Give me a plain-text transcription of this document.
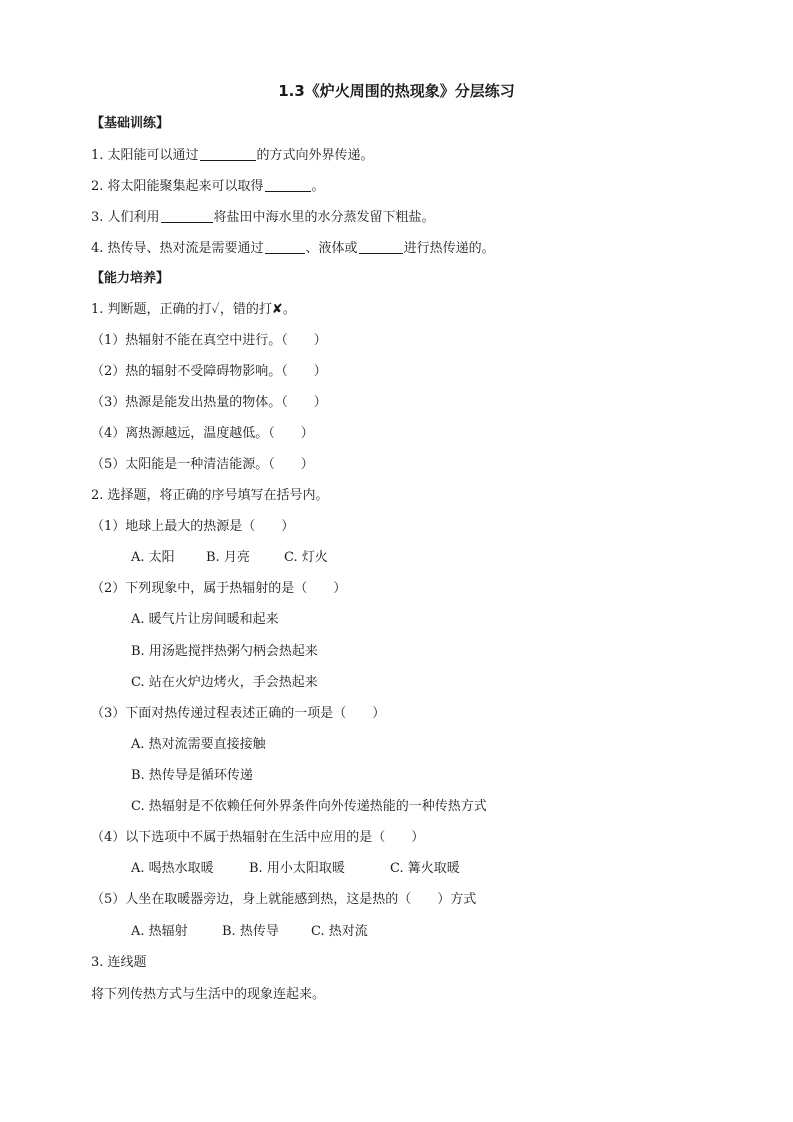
1.3《炉火周围的热现象》分层练习
【基础训练】
1. 太阳能可以通过	的方式向外界传递。
2. 将太阳能聚集起来可以取得	。
3. 人们利用	将盐田中海水里的水分蒸发留下粗盐。
4. 热传导、热对流是需要通过	、液体或	进行热传递的。
【能力培养】
1. 判断题，正确的打✓，错的打✘。
（1）热辐射不能在真空中进行。（　　）
（2）热的辐射不受障碍物影响。（　　）
（3）热源是能发出热量的物体。（　　）
（4）离热源越远，温度越低。（　　）
（5）太阳能是一种清洁能源。（　　）
2. 选择题，将正确的序号填写在括号内。
（1）地球上最大的热源是（　　）
A. 太阳 B. 月亮	C. 灯火
（2）下列现象中，属于热辐射的是（　　）
A. 暖气片让房间暖和起来
B. 用汤匙搅拌热粥勺柄会热起来
C. 站在火炉边烤火，手会热起来
（3）下面对热传递过程表述正确的一项是（　　）
A. 热对流需要直接接触
B. 热传导是循环传递
C. 热辐射是不依赖任何外界条件向外传递热能的一种传热方式
（4）以下选项中不属于热辐射在生活中应用的是（　　）
A. 喝热水取暖	B. 用小太阳取暖	C. 篝火取暖
（5）人坐在取暖器旁边，身上就能感到热，这是热的（　　）方式
A. 热辐射	B. 热传导 C. 热对流
3. 连线题
将下列传热方式与生活中的现象连起来。
